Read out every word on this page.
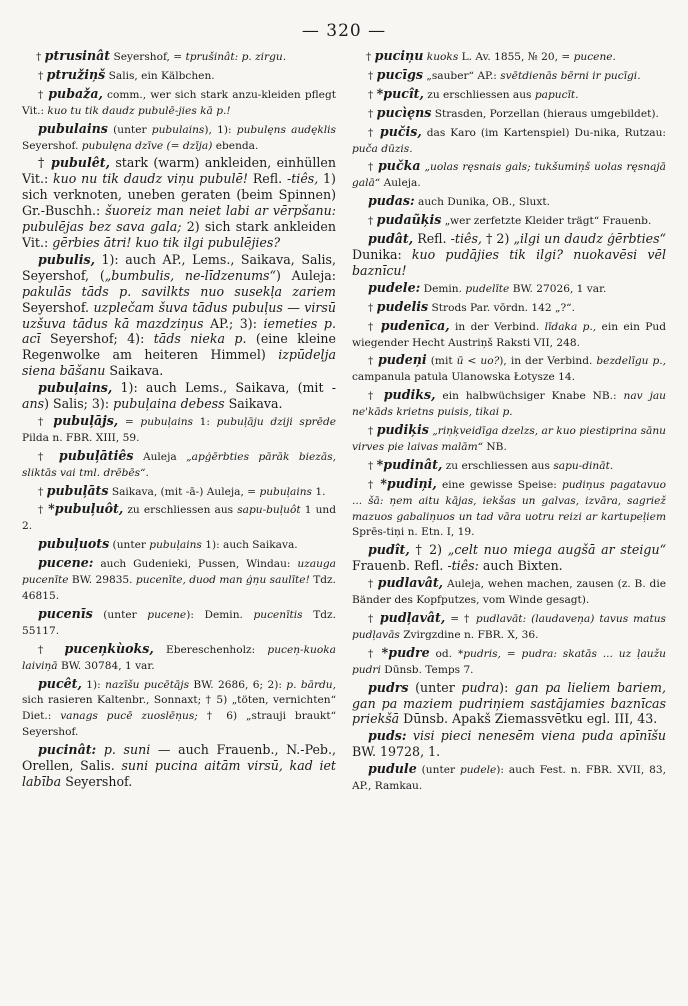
— 320 —

† ptrusinât Seyershof, = tprušinât: p. zirgu.

† ptružiņš Salis, ein Kälbchen.

† pubaža, comm., wer sich stark anzu-kleiden pflegt Vit.: kuo tu tik daudz pubulē-jies kā p.!

pubulains (unter pubulains), 1): pubulęns audęklis Seyershof. pubulęna dzīve (= dzīja) ebenda.

† pubulêt, stark (warm) ankleiden, einhüllen Vit.: kuo nu tik daudz viņu pubulē! Refl. -tiês, 1) sich verknoten, uneben geraten (beim Spinnen) Gr.-Buschh.: šuoreiz man neiet labi ar vērpšanu: pubulējas bez sava gala; 2) sich stark ankleiden Vit.: gērbies ātri! kuo tik ilgi pubulējies?

pubulis, 1): auch AP., Lems., Saikava, Salis, Seyershof, („bumbulis, ne-līdzenums“) Auleja: pakulās tāds p. savilkts nuo susekļa zariem Seyershof. uzplečam šuva tādus pubuļus — virsū uzšuva tādus kā mazdziņus AP.; 3): iemeties p. acī Seyershof; 4): tāds nieka p. (eine kleine Regenwolke am heiteren Himmel) izpūdeļja siena bāšanu Saikava.

pubuļains, 1): auch Lems., Saikava, (mit -ans) Salis; 3): pubuļaina debess Saikava.

† pubuļājs, = pubuļains 1: pubuļāju dziji sprēde Pilda n. FBR. XIII, 59.

† pubuļātiês Auleja „apģērbties pārāk biezās, sliktās vai tml. drēbēs“.

† pubuļāts Saikava, (mit -ā-) Auleja, = pubuļains 1.

† *pubuļuôt, zu erschliessen aus sapu-buļuôt 1 und 2.

pubuļuots (unter pubuļains 1): auch Saikava.

pucene: auch Gudenieki, Pussen, Windau: uzauga pucenīte BW. 29835. pucenīte, duod man ģņu saulīte! Tdz. 46815.

pucenīs (unter pucene): Demin. pucenītis Tdz. 55117.

† puceņkùoks, Ebereschenholz: puceņ-kuoka laiviņā BW. 30784, 1 var.

pucêt, 1): nazīšu pucētājs BW. 2686, 6; 2): p. bārdu, sich rasieren Kaltenbr., Sonnaxt; † 5) „töten, vernichten“ Diet.: vanags pucē zuoslēņus; † 6) „strauji braukt“ Seyershof.

pucinât: p. suni — auch Frauenb., N.-Peb., Orellen, Salis. suni pucina aitām virsū, kad iet labība Seyershof.

† puciņu kuoks L. Av. 1855, № 20, = pucene.

† pucīgs „sauber“ AP.: svētdienās bērni ir pucīgi.

† *pucît, zu erschliessen aus papucīt.

† pucìęns Strasden, Porzellan (hieraus umgebildet).

† pučis, das Karo (im Kartenspiel) Du-nika, Rutzau: puča dūzis.

† pučka „uolas ręsnais gals; tukšumiņš uolas ręsnajā galā“ Auleja.

pudas: auch Dunika, OB., Sluxt.

† pudaũķis „wer zerfetzte Kleider trägt“ Frauenb.

pudât, Refl. -tiês, † 2) „ilgi un daudz ģērbties“ Dunika: kuo pudājies tik ilgi? nuokavēsi vēl baznīcu!

pudele: Demin. pudelīte BW. 27026, 1 var.

† pudelis Strods Par. vōrdn. 142 „?“.

† pudenīca, in der Verbind. līdaka p., ein ein Pud wiegender Hecht Austriņš Raksti VII, 248.

† pudeņi (mit ū < uo?), in der Verbind. bezdelīgu p., campanula patula Ulanowska Łotysze 14.

† pudiks, ein halbwüchsiger Knabe NB.: nav jau ne'kāds krietns puisis, tikai p.

† pudiķis „riņķveidīga dzelzs, ar kuo piestiprina sānu virves pie laivas malām“ NB.

† *pudinât, zu erschliessen aus sapu-dināt.

† *pudiņi, eine gewisse Speise: pudiņus pagatavuo ... šā: ņem aitu kājas, iekšas un galvas, izvāra, sagriež mazuos gabaliņuos un tad vāra uotru reizi ar kartupeļiem Sprēs-tiņi n. Etn. I, 19.

pudît, † 2) „celt nuo miega augšā ar steigu“ Frauenb. Refl. -tiês: auch Bixten.

† pudlavât, Auleja, wehen machen, zausen (z. B. die Bänder des Kopfputzes, vom Winde gesagt).

† pudļavât, = † pudlavāt: (laudaveņa) tavus matus pudļavās Zvirgzdine n. FBR. X, 36.

† *pudre od. *pudris, = pudra: skatās ... uz ļaužu pudri Dūnsb. Temps 7.

pudrs (unter pudra): gan pa lieliem bariem, gan pa maziem pudriņiem sastājamies baznīcas priekšā Dūnsb. Apakš Ziemassvētku egl. III, 43.

puds: visi pieci nenesēm viena puda apīnīšu BW. 19728, 1.

pudule (unter pudele): auch Fest. n. FBR. XVII, 83, AP., Ramkau.
